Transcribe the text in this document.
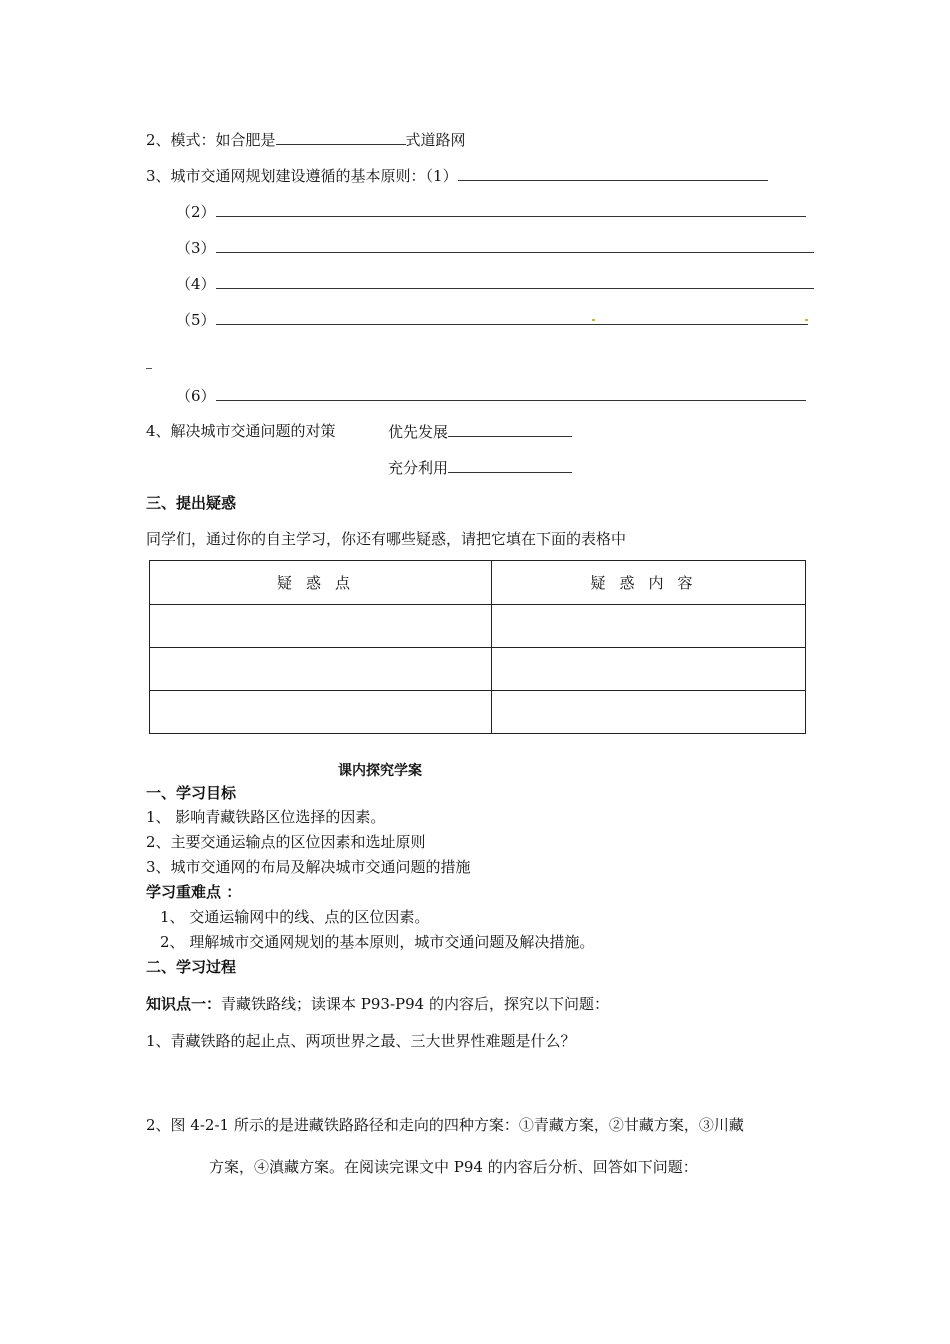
2、模式：如合肥是	式道路网
3、城市交通网规划建设遵循的基本原则：（1）
（2）
（3）
（4）
（5）
（6）
4、解决城市交通问题的对策	优先发展
充分利用
三、提出疑惑
同学们，通过你的自主学习，你还有哪些疑惑，请把它填在下面的表格中
疑惑点	疑惑内容

课内探究学案
一、学习目标
1、 影响青藏铁路区位选择的因素。
2、主要交通运输点的区位因素和选址原则
3、城市交通网的布局及解决城市交通问题的措施
学习重难点 ：
1、 交通运输网中的线、点的区位因素。
2、 理解城市交通网规划的基本原则，城市交通问题及解决措施。
二、学习过程
知识点一：青藏铁路线；读课本 P93-P94 的内容后，探究以下问题：
1、青藏铁路的起止点、两项世界之最、三大世界性难题是什么？
2、图 4-2-1 所示的是进藏铁路路径和走向的四种方案：①青藏方案，②甘藏方案，③川藏
方案，④滇藏方案。在阅读完课文中 P94 的内容后分析、回答如下问题：
